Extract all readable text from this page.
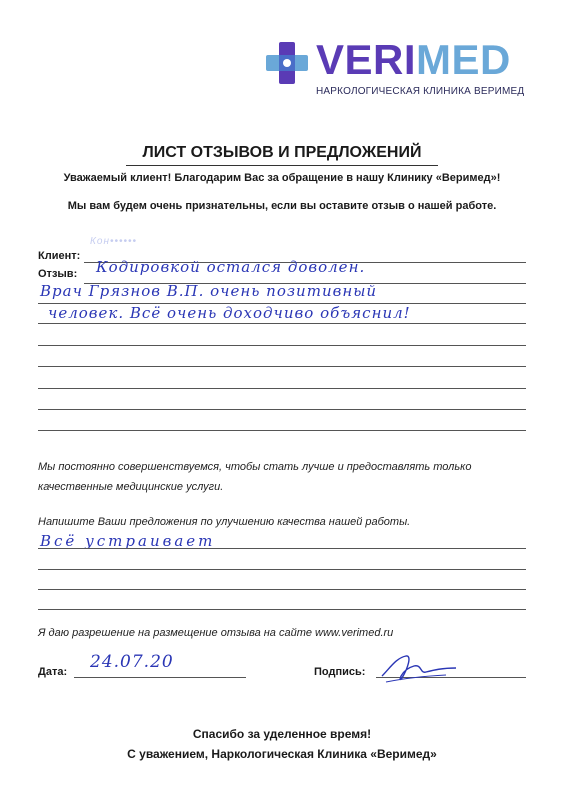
VERIMED
НАРКОЛОГИЧЕСКАЯ КЛИНИКА ВЕРИМЕД
ЛИСТ ОТЗЫВОВ И ПРЕДЛОЖЕНИЙ
Уважаемый клиент! Благодарим Вас за обращение в нашу Клинику «Веримед»!
Мы вам будем очень признательны, если вы оставите отзыв о нашей работе.
Клиент:
Кон••••••
Отзыв: Кодировкой остался доволен.
Врач Грязнов В.П. очень позитивный
человек. Всё очень доходчиво объяснил!
Мы постоянно совершенствуемся, чтобы стать лучше и предоставлять только
качественные медицинские услуги.
Напишите Ваши предложения по улучшению качества нашей работы.
Всё устраивает
Я даю разрешение на размещение отзыва на сайте www.verimed.ru
Дата: 24.07.20	Подпись:
Спасибо за уделенное время!
С уважением, Наркологическая Клиника «Веримед»
